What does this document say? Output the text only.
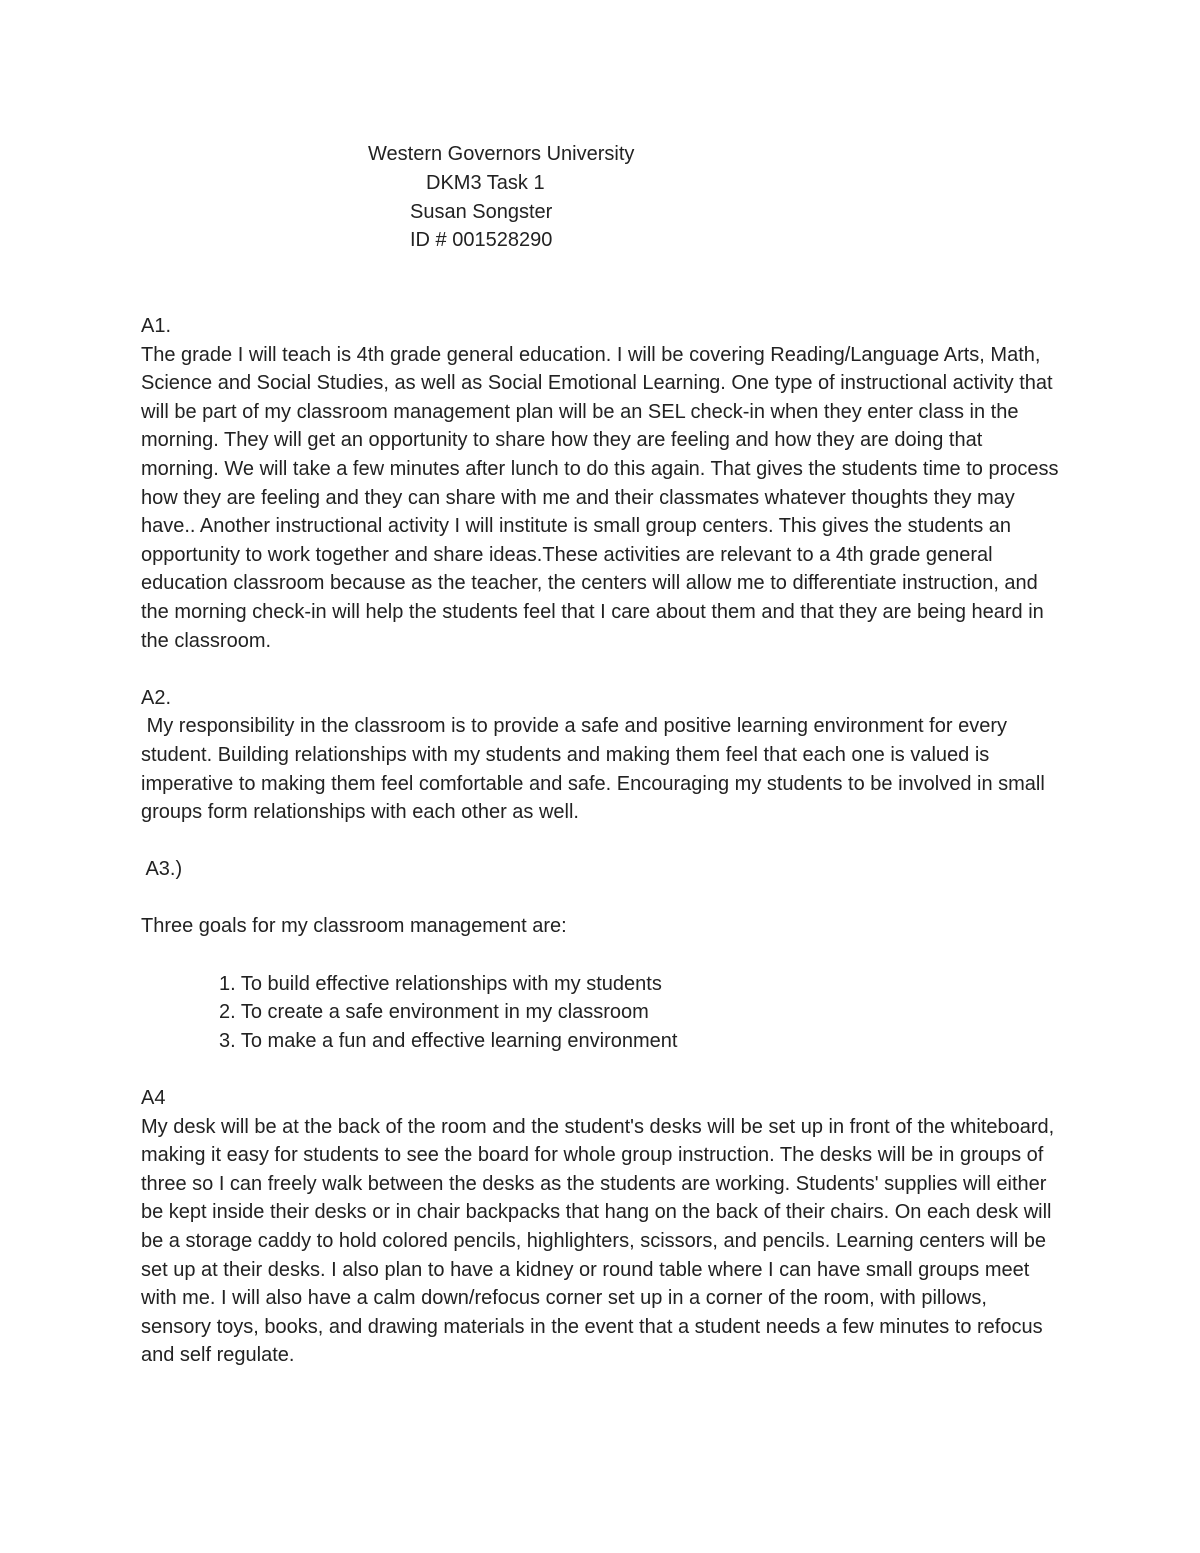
Western Governors University
DKM3 Task 1
Susan Songster
ID # 001528290
A1.

The grade I will teach is 4th grade general education. I will be covering Reading/Language Arts, Math, Science and Social Studies, as well as Social Emotional Learning. One type of instructional activity that will be part of my classroom management plan will be an SEL check-in when they enter class in the morning. They will get an opportunity to share how they are feeling and how they are doing that morning. We will take a few minutes after lunch to do this again. That gives the students time to process how they are feeling and they can share with me and their classmates whatever thoughts they may have.. Another instructional activity I will institute is small group centers. This gives the students an opportunity to work together and share ideas.These activities are relevant to a 4th grade general education classroom because as the teacher, the centers will allow me to differentiate instruction, and the morning check-in will help the students feel that I care about them and that they are being heard in the classroom.

A2.

My responsibility in the classroom is to provide a safe and positive learning environment for every student. Building relationships with my students and making them feel that each one is valued is imperative to making them feel comfortable and safe. Encouraging my students to be involved in small groups form relationships with each other as well.

A3.)

Three goals for my classroom management are:

1. To build effective relationships with my students
2. To create a safe environment in my classroom
3. To make a fun and effective learning environment
A4

My desk will be at the back of the room and the student's desks will be set up in front of the whiteboard, making it easy for students to see the board for whole group instruction. The desks will be in groups of three so I can freely walk between the desks as the students are working. Students' supplies will either be kept inside their desks or in chair backpacks that hang on the back of their chairs. On each desk will be a storage caddy to hold colored pencils, highlighters, scissors, and pencils. Learning centers will be set up at their desks. I also plan to have a kidney or round table where I can have small groups meet with me. I will also have a calm down/refocus corner set up in a corner of the room, with pillows, sensory toys, books, and drawing materials in the event that a student needs a few minutes to refocus and self regulate.
